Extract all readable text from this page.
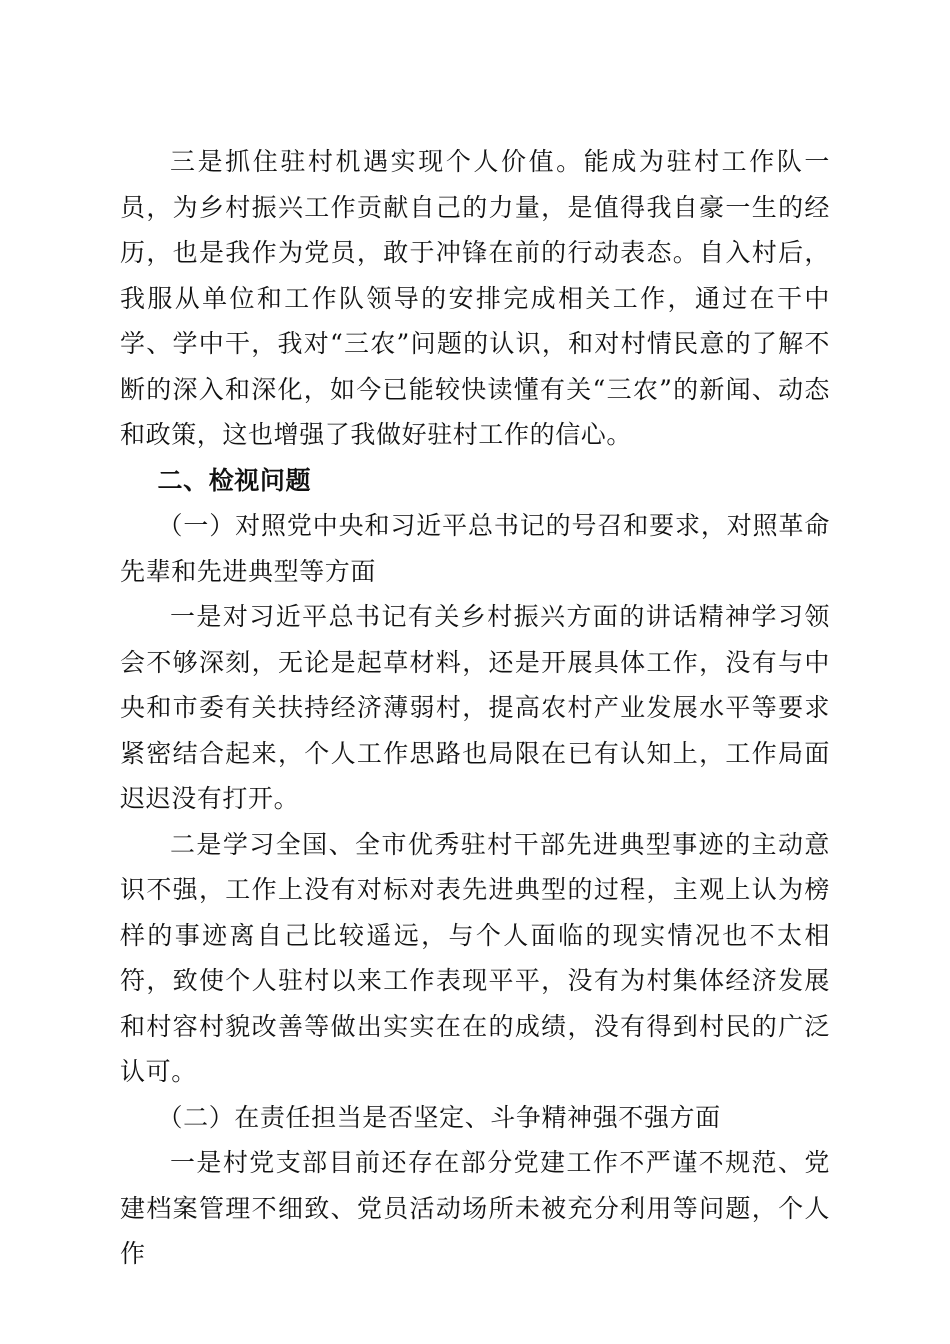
三是抓住驻村机遇实现个人价值。能成为驻村工作队一员，为乡村振兴工作贡献自己的力量，是值得我自豪一生的经历，也是我作为党员，敢于冲锋在前的行动表态。自入村后，我服从单位和工作队领导的安排完成相关工作，通过在干中学、学中干，我对“三农”问题的认识，和对村情民意的了解不断的深入和深化，如今已能较快读懂有关“三农”的新闻、动态和政策，这也增强了我做好驻村工作的信心。

二、检视问题

（一）对照党中央和习近平总书记的号召和要求，对照革命先辈和先进典型等方面

一是对习近平总书记有关乡村振兴方面的讲话精神学习领会不够深刻，无论是起草材料，还是开展具体工作，没有与中央和市委有关扶持经济薄弱村，提高农村产业发展水平等要求紧密结合起来，个人工作思路也局限在已有认知上，工作局面迟迟没有打开。

二是学习全国、全市优秀驻村干部先进典型事迹的主动意识不强，工作上没有对标对表先进典型的过程，主观上认为榜样的事迹离自己比较遥远，与个人面临的现实情况也不太相符，致使个人驻村以来工作表现平平，没有为村集体经济发展和村容村貌改善等做出实实在在的成绩，没有得到村民的广泛认可。

（二）在责任担当是否坚定、斗争精神强不强方面

一是村党支部目前还存在部分党建工作不严谨不规范、党建档案管理不细致、党员活动场所未被充分利用等问题，个人作
